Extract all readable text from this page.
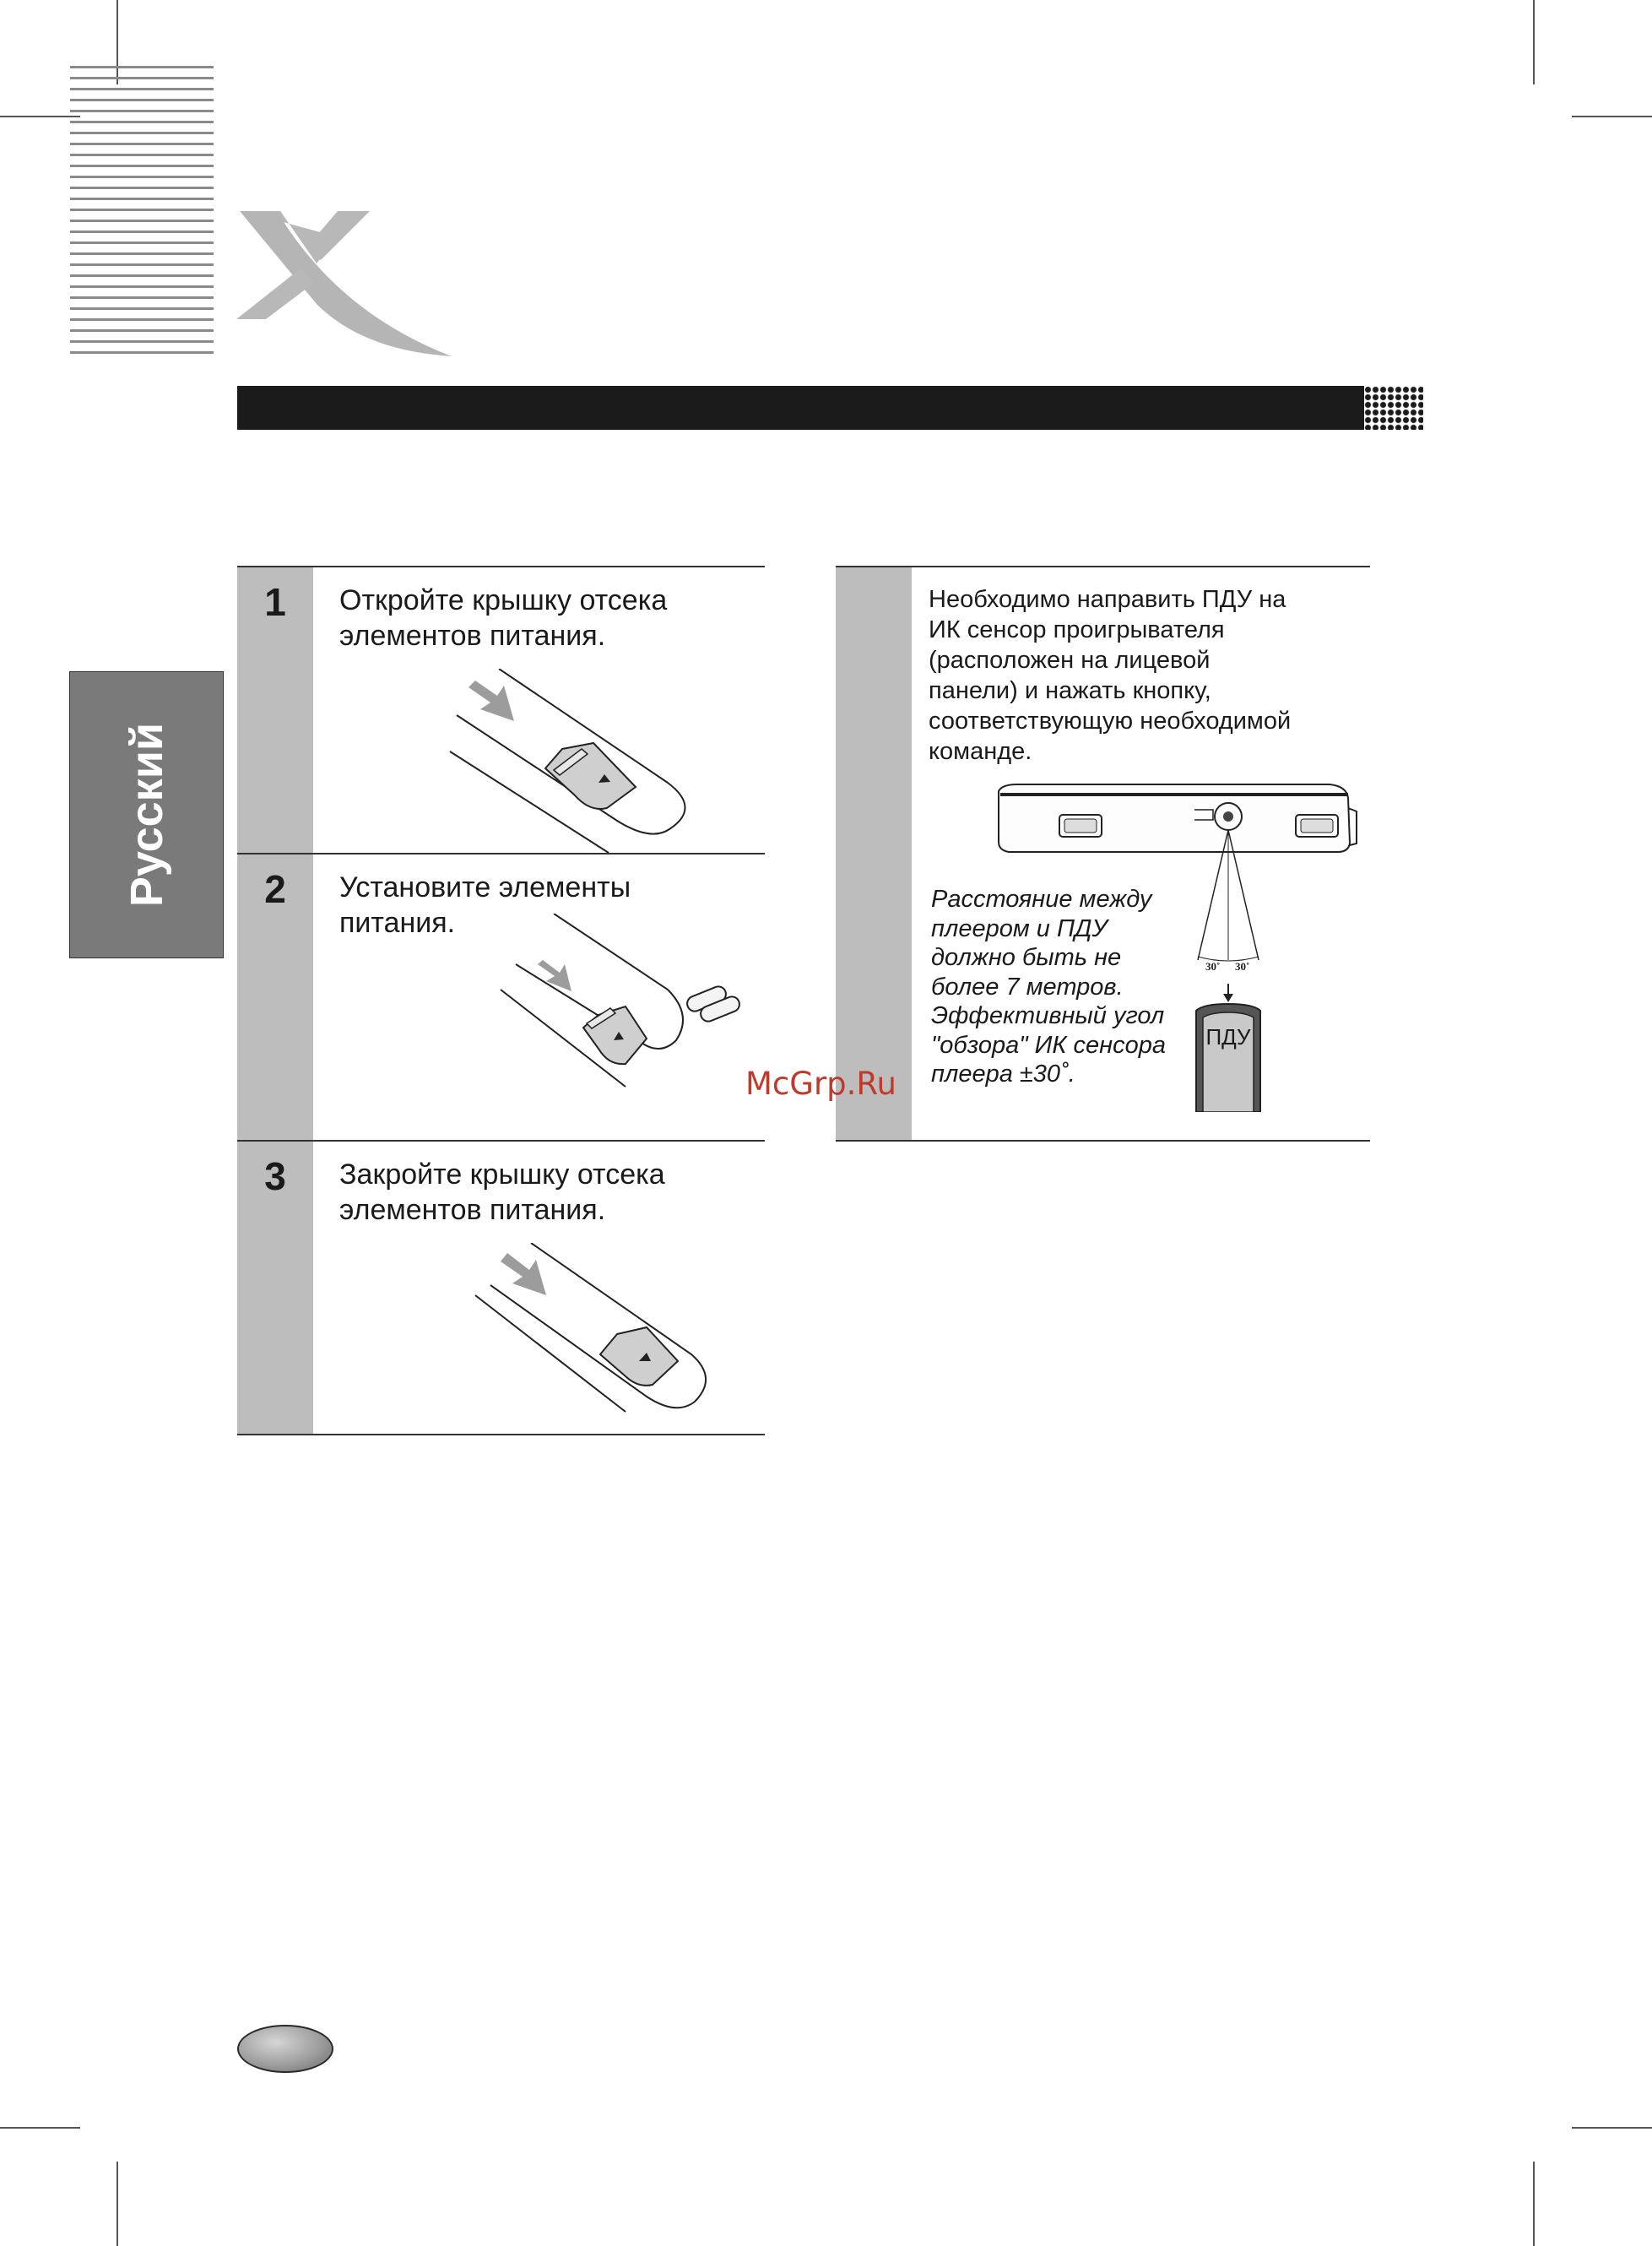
Русский
1	Откройте крышку отсека
элементов питания.
2	Установите элементы
питания.
3	Закройте крышку отсека
элементов питания.
Необходимо направить ПДУ на
ИК сенсор проигрывателя
(расположен на лицевой
панели) и нажать кнопку,
соответствующую необходимой
команде.
Расстояние между
плеером и ПДУ
должно быть не
более 7 метров.
Эффективный угол
"обзора" ИК сенсора
плеера ±30˚.
30˚ 30˚
ПДУ
McGrp.Ru
